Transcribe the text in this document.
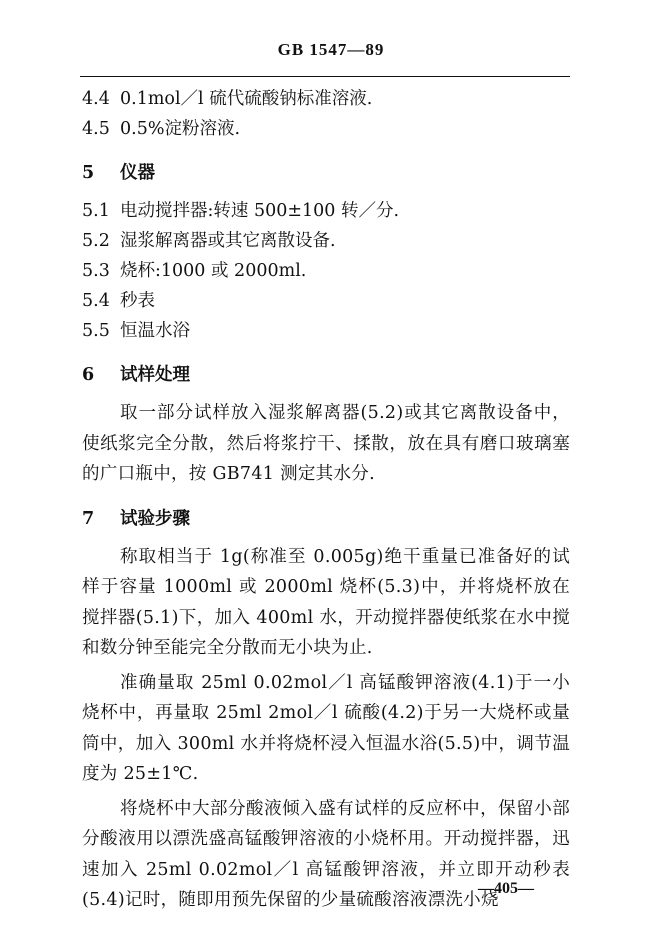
GB 1547—89
4.4 0.1mol／l 硫代硫酸钠标准溶液.
4.5 0.5%淀粉溶液.
5	仪器
5.1 电动搅拌器:转速 500±100 转／分.
5.2 湿浆解离器或其它离散设备.
5.3 烧杯:1000 或 2000ml.
5.4 秒表
5.5 恒温水浴
6	试样处理

取一部分试样放入湿浆解离器(5.2)或其它离散设备中，使纸浆完全分散，然后将浆拧干、揉散，放在具有磨口玻璃塞的广口瓶中，按 GB741 测定其水分.

7	试验步骤

称取相当于 1g(称准至 0.005g)绝干重量已准备好的试样于容量 1000ml 或 2000ml 烧杯(5.3)中，并将烧杯放在搅拌器(5.1)下，加入 400ml 水，开动搅拌器使纸浆在水中搅和数分钟至能完全分散而无小块为止.

准确量取 25ml 0.02mol／l 高锰酸钾溶液(4.1)于一小烧杯中，再量取 25ml 2mol／l 硫酸(4.2)于另一大烧杯或量筒中，加入 300ml 水并将烧杯浸入恒温水浴(5.5)中，调节温度为 25±1℃.

将烧杯中大部分酸液倾入盛有试样的反应杯中，保留小部分酸液用以漂洗盛高锰酸钾溶液的小烧杯用。开动搅拌器，迅速加入 25ml 0.02mol／l 高锰酸钾溶液，并立即开动秒表(5.4)记时，随即用预先保留的少量硫酸溶液漂洗小烧

—405—
